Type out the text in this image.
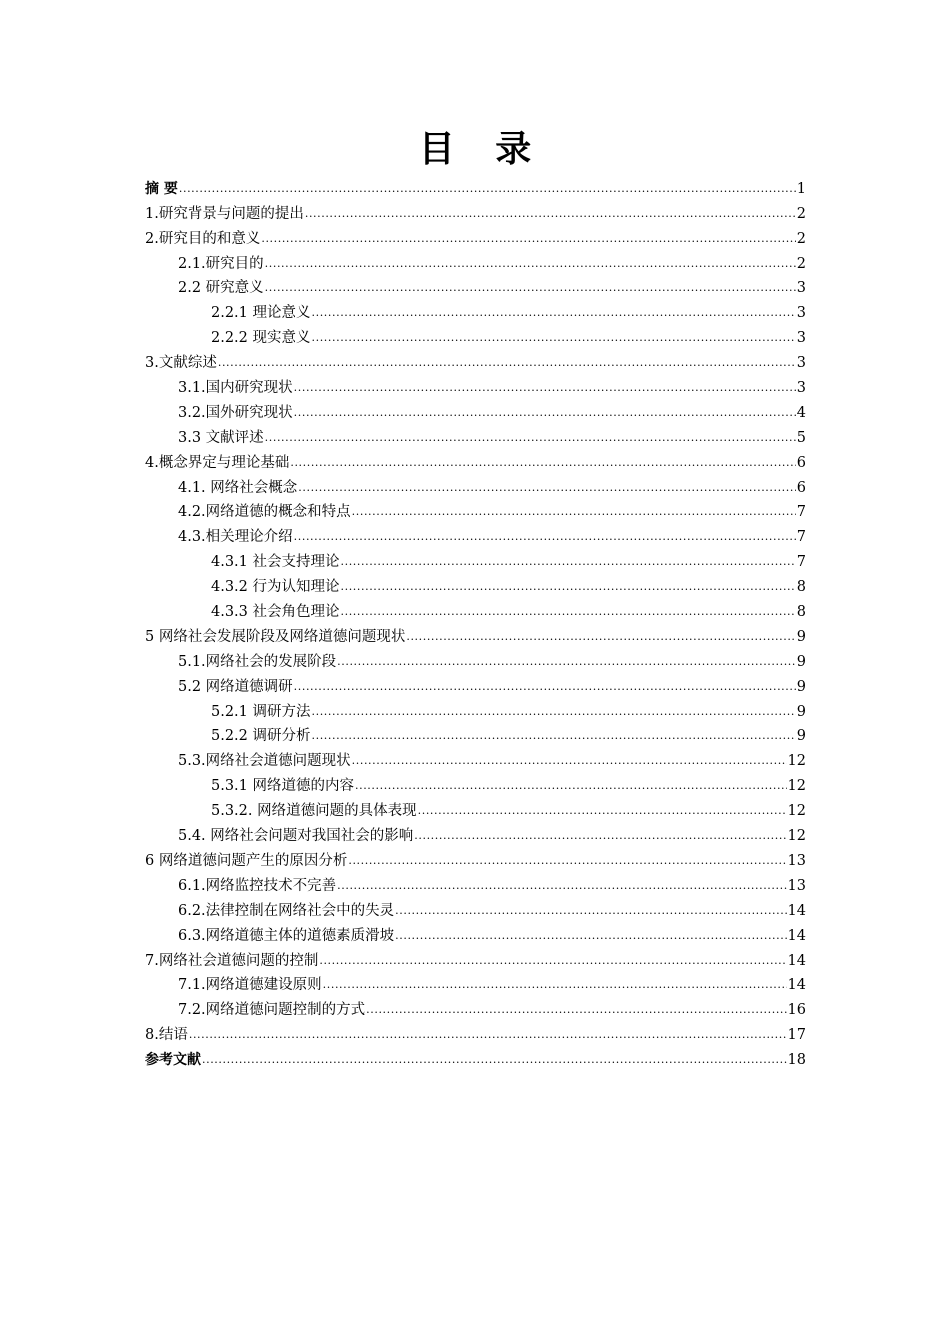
目 录
摘 要 .....	1
1.研究背景与问题的提出 .....	2
2.研究目的和意义 .....	2
2.1.研究目的 .....	2
2.2 研究意义 .....	3
2.2.1 理论意义 .....	3
2.2.2 现实意义 .....	3
3.文献综述 .....	3
3.1.国内研究现状 .....	3
3.2.国外研究现状 .....	4
3.3 文献评述 .....	5
4.概念界定与理论基础 .....	6
4.1. 网络社会概念 .....	6
4.2.网络道德的概念和特点 .....	7
4.3.相关理论介绍 .....	7
4.3.1 社会支持理论 .....	7
4.3.2 行为认知理论 .....	8
4.3.3 社会角色理论 .....	8
5 网络社会发展阶段及网络道德问题现状 .....	9
5.1.网络社会的发展阶段 .....	9
5.2 网络道德调研 .....	9
5.2.1 调研方法 .....	9
5.2.2 调研分析 .....	9
5.3.网络社会道德问题现状 .....	12
5.3.1 网络道德的内容 .....	12
5.3.2. 网络道德问题的具体表现 .....	12
5.4. 网络社会问题对我国社会的影响 .....	12
6 网络道德问题产生的原因分析 .....	13
6.1.网络监控技术不完善 .....	13
6.2.法律控制在网络社会中的失灵 .....	14
6.3.网络道德主体的道德素质滑坡 .....	14
7.网络社会道德问题的控制 .....	14
7.1.网络道德建设原则 .....	14
7.2.网络道德问题控制的方式 .....	16
8.结语 .....	17
参考文献 .....	18
